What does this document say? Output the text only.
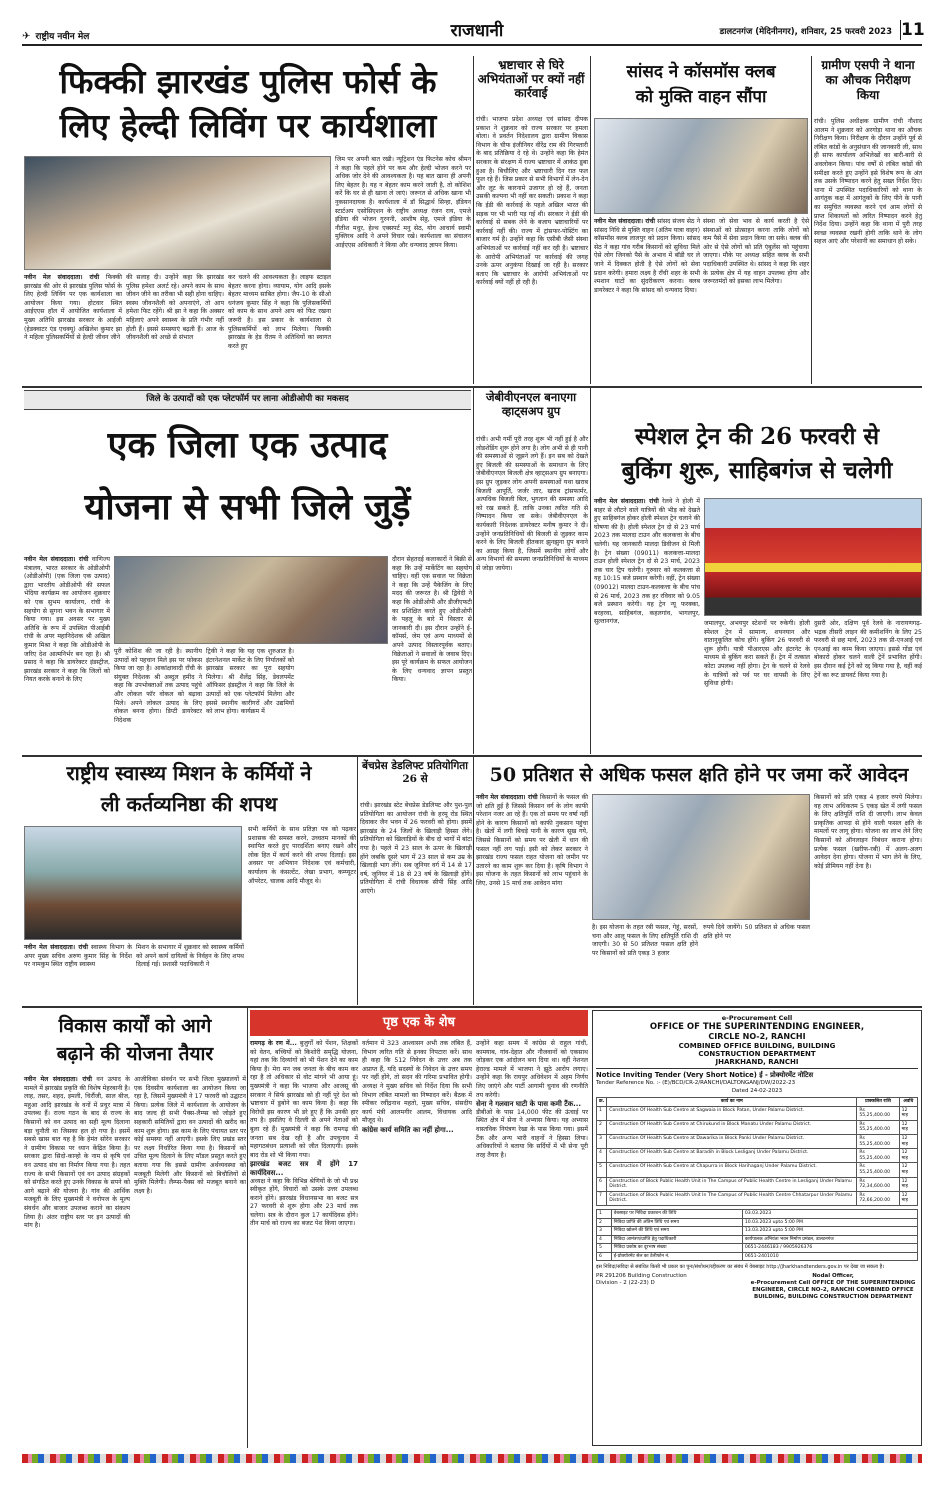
✈ राष्ट्रीय नवीन मेल	राजधानी	डालटनगंज (मेदिनीनगर), शनिवार, 25 फरवरी 2023 11
फिक्की झारखंड पुलिस फोर्स के
लिए हेल्दी लिविंग पर कार्यशाला
जिम पर अपनी बात रखी। न्यूट्रिशन एंड फिटनेस कोच श्रीमन ने कहा कि पहले होने पर कम और हेल्दी भोजन करने पर अधिक जोर देने की आवश्यकता है। यह बात खाना ही अपनी लिए बेहतर है। यह न बेहतर काम करने जाती है, तो कोशिश करें कि घर से ही खाना ले जाएं। जरूरत से अधिक खाना भी नुकसानदायक है। कार्यशाला में डॉ सिद्धार्थ सिन्हा, इंडियन स्टार्टअप एसोसिएशन के राष्ट्रीय अध्यक्ष रंजन राय, एमजे इंडिया की भोजन गुरननी, आशीष सेठ्ठ, एमजे इंडिया के नीतीश मधुर, हेल्थ एक्सपर्ट मनु सेठ, योग आचार्य स्वामी मुक्तिरथ आदि ने अपने विचार रखे। कार्यशाला का संचालन आईएएस अधिकारी ने किया और धन्यवाद ज्ञापन किया।
नवीन मेल संवाददाता। रांची फिक्की झारखंड की ओर से झारखंड पुलिस फोर्स के लिए हेल्दी लिविंग पर एक कार्यशाला का आयोजन किया गया। होटवार स्थित आईएएस हॉल में आयोजित कार्यशाला में मुख्य अतिथि झारखंड सरकार के आईजी (हेडक्वाटर एंड एचक्यू) अखिलेश कुमार झा ने महिला पुलिसकर्मियों से हेल्दी जीवन जीने
की सलाह दी। उन्होंने कहा कि झारखंड पुलिस हमेशा अलर्ट रहे। अपने काम के साथ जीवन जीने का तरीका भी सही होना चाहिए। स्वस्थ जीवनशैली को अपनाएंगे, तो आप हमेशा फिट रहेंगे। श्री झा ने कहा कि अक्सर महिलाएं अपने स्वास्थ्य के प्रति गंभीर नहीं होती हैं। इससे समस्याएं बढ़ती हैं। आज के जीवनशैली को अच्छे से संभाल
कर चलने की आवश्यकता है। लाइफ स्टाइल बेहतर करना होगा। व्यायाम, योग आदि इसके बेहतर माध्यम साबित होगा। जैप-10 के सीओ धनंजय कुमार सिंह ने कहा कि पुलिसकर्मियों को काम के साथ अपने आप को फिट रखना जरूरी है। इस प्रकार के कार्यशाला से पुलिसकर्मियों को लाभ मिलेगा। फिक्की झारखंड के हेड रीतम ने अतिथियों का स्वागत करते हुए
भ्रष्टाचार से घिरे अभियंताओं पर क्यों नहीं कार्रवाई
रांची। भाजपा प्रदेश अध्यक्ष एवं सांसद दीपक प्रकाश ने शुक्रवार को राज्य सरकार पर हमला बोला। वे प्रवर्तन निदेशालय द्वारा ग्रामीण विकास विभाग के चीफ इंजीनियर वीरेंद्र राम की गिरफ्तारी के बाद प्रतिक्रिया दे रहे थे। उन्होंने कहा कि हेमंत सरकार के संरक्षण में राज्य भ्रष्टाचार में आकंठ डूबा हुआ है। बिचौलिए और भ्रष्टाचारी दिन रात फल फूल रहे हैं। जिस प्रकार से सभी विभागों में लेन-देन और लूट के कारनामे उजागर हो रहे हैं, जनता उसकी कल्पना भी नहीं कर सकती। प्रकाश ने कहा कि ईडी की कार्रवाई के पहले अखिल भारत की सड़क पर भी भारी पड़ गई थी। सरकार ने ईडी की कार्रवाई से सबक लेने के बजाय भ्रष्टाचारियों पर कार्रवाई नहीं की। राज्य में ट्रांसफर-पोस्टिंग का बाजार गर्म है। उन्होंने कहा कि एसीबी जैसी संस्था अभियंताओं पर कार्रवाई नहीं कर रही है। भ्रष्टाचार के आरोपी अभियंताओं पर कार्रवाई की जगह उनके ऊपर अनुकंपा दिखाई जा रही है। सरकार बताए कि भ्रष्टाचार के आरोपी अभियंताओं पर कार्रवाई क्यों नहीं हो रही है।
सांसद ने कॉसमॉस क्लब
को मुक्ति वाहन सौंपा
नवीन मेल संवाददाता। रांची सांसद संजय सेठ ने सांसद निधि से मुक्ति वाहन (अंतिम यात्रा वाहन) कॉसमॉस क्लब लालपुर को प्रदान किया। सांसद सेठ ने कहा गांव गरीब किसानों को सुविधा मिले ऐसे लोग जिनको पैसे के अभाव में बॉडी घर ले जाने में दिक्कत होती है ऐसे लोगों को सेवा प्रदान करेगी। हमारा लक्ष्य है राँची शहर के सभी श्मशान घाटों का सुंदरीकरण करना। क्लब डायरेक्टर ने कहा कि सांसद को धन्यवाद दिया।
संस्था जो सेवा भाव से कार्य करती है ऐसे संस्थाओं को प्रोत्साहन करना ताकि लोगों को कम पैसे में सेवा प्रदान किया जा सके। क्लब की ओर से ऐसे लोगों को प्रति एंबुलेंस को पहुंचाया जाएगा। मौके पर अध्यक्ष सहित क्लब के सभी पदाधिकारी उपस्थित थे। सांसद ने कहा कि शहर के प्रत्येक क्षेत्र में यह वाहन उपलब्ध होगा और जरूरतमंदों को इसका लाभ मिलेगा।
ग्रामीण एसपी ने थाना का औचक निरीक्षण किया
रांची। पुलिस अधीक्षक ग्रामीण रांची नौशाद आलम ने शुक्रवार को अरगोड़ा थाना का औचक निरीक्षण किया। निरीक्षण के दौरान उन्होंने पूर्व से लंबित कांडों के अनुसंधान की जानकारी ली, साथ ही साफ कार्यालय अभिलेखों का बारी-बारी से अवलोकन किया। पांच वर्षों से लंबित कांडों की समीक्षा करते हुए उन्होंने इसे विशेष रूप के अंत तक उसके निष्पादन करने हेतु सख्त निर्देश दिए। थाना में उपस्थित पदाधिकारियों को थाना के आगंतुक कक्ष में आगंतुकों के लिए पीने के पानी का समुचित व्यवस्था करने एवं आम लोगों से प्राप्त शिकायतों को त्वरित निष्पादन करने हेतु निर्देश दिया। उन्होंने कहा कि थाना में पुरी तरह स्वच्छ व्यवस्था रखनी होगी ताकि थाने के लोग सहज आएं और परेशानी का समाधान हो सके।
जिले के उत्पादों को एक प्लेटफॉर्म पर लाना ओडीओपी का मकसद
एक जिला एक उत्पाद
योजना से सभी जिले जुड़ें
नवीन मेल संवाददाता। रांची वाणिज्य मंत्रालय, भारत सरकार के ओडीओपी (ओडीओपी) (एक जिला एक उत्पाद) द्वारा भारतीय ओडीओपी की सफल भेदिया कार्यक्रम का आयोजन शुक्रवार को एक सुभम कार्यालय, रांची के सहयोग से सुगना भवन के सभागार में किया गया। इस अवसर पर मुख्य अतिथि के रूप में उपस्थित पीआईबी रांची के अपर महानिदेशक श्री अखिल कुमार मिश्रा ने कहा कि ओडीओपी के जरिए देश आत्मनिर्भर बन रहा है। श्री प्रसाद ने कहा कि डायरेक्टर इंडस्ट्रीज, झारखंड सरकार ने कहा कि जिलों को नियत करके बनाने के लिए
पूरी कोशिश की जा रही है। स्थानीय उत्पादों को पहचान मिले इस पर फोकस किया जा रहा है। आकांक्षावादी राँची के संयुक्त निदेशक श्री अब्दुल हमीद ने कहा कि उपभोक्ताओं तक उत्पाद पहुंचे और लोकल फॉर वोकल को बढ़ावा मिले। अपने लोकल उत्पाद के लिए वोकल बनना होगा। डिप्टी डायरेक्टर निदेशक
ट्रिकी ने कहा कि यह एक शुरुआत है। इंटरनेशनल मार्केट के लिए निर्यातकों को झारखंड सरकार का पूरा सहयोग मिलेगा। श्री शैलेंद्र सिंह, डेवलपमेंट ऑफिसर इंडस्ट्रीज ने कहा कि जिले के उत्पादों को एक प्लेटफॉर्म मिलेगा और इससे स्थानीय कारीगरों और उद्यमियों को लाभ होगा। कार्यक्रम में
दौरान सेहतदई कलाकारों ने बिक्री से कहा कि उन्हें मार्केटिंग का सहयोग चाहिए। वहीं एक सवाल पर विक्रेता ने कहा कि उन्हें पैकेजिंग के लिए मदद की जरूरत है। श्री द्विवेदी ने कहा कि ओडीओपी और डीजीएफटी का प्रशिक्षित करते हुए ओडीओपी के पहलू के बारे में विस्तार से जानकारी दी। इस दौरान उन्होंने ई-कॉमर्स, जेम एवं अन्य माध्यमों से अपने उत्पाद विस्तारपूर्वक बताए। विक्रेताओं ने सवालों के जवाब दिए। इस पूरे कार्यक्रम के सफल आयोजन के लिए धन्यवाद ज्ञापन प्रस्तुत किया।
जेबीवीएनएल बनाएगा व्हाट्सअप ग्रुप
रांची। अभी गर्मी पूरी तरह शुरू भी नहीं हुई है और लोडशेडिंग शुरू होने लगा है। लोग अभी से ही पानी की समस्याओं से जूझने लगे हैं। इन सब को देखते हुए बिजली की समस्याओं के समाधान के लिए जेबीवीएनएल बिजली क्षेत्र व्हाट्सअप ग्रुप बनाएगा। इस ग्रुप जुड़कर लोग अपनी समस्याओं यथा खराब बिजली आपूर्ति, जर्जर तार, खराब ट्रांसफार्मर, अत्यधिक बिजली बिल, भुगतान की समस्या आदि को रख सकते हैं, ताकि उनका त्वरित गति से निष्पादन किया जा सके। जेबीवीएनएल के कार्यकारी निदेशक डायरेक्टर मनीष कुमार ने दी। उन्होंने जनप्रतिनिधियों की बिजली से जुड़कर काम करने के लिए बिजली हीतकार झुनझुना ग्रुप बनाने का आग्रह किया है, जिसमें स्थानीय लोगों और अन्य विभागों की समस्या जनप्रतिनिधियों के माध्यम से जोड़ा जायेगा।
स्पेशल ट्रेन की 26 फरवरी से
बुकिंग शुरू, साहिबगंज से चलेगी
नवीन मेल संवाददाता। रांची रेलवे ने होली में बाहर से लौटने वाले यात्रियों की भीड़ को देखते हुए साहिबगंज होकर होली स्पेशल ट्रेन चलाने की घोषणा की है। होली स्पेशल ट्रेन दो से 23 मार्च 2023 तक मालदा टाउन और कलकत्ता के बीच चलेगी। यह जानकारी मालदा डिवीजन से मिली है। ट्रेन संख्या (09011) कलकत्ता-मालदा टाउन होली स्पेशल ट्रेन दो से 23 मार्च, 2023 तक चार ट्रिप चलेगी। गुरुवार को कलकत्ता से यह 10:15 बजे प्रस्थान करेगी। वहीं, ट्रेन संख्या (09012) मालदा टाउन-कलकत्ता के बीच पांच से 26 मार्च, 2023 तक हर रविवार को 9.05 बजे प्रस्थान करेगी। यह ट्रेन न्यू फरक्का, बरहरवा, साहिबगंज, कहलगांव, भागलपुर, सुल्तानगंज,	जमालपुर, अभयपुर स्टेशनों पर रुकेगी। होली स्पेशल ट्रेन में सामान्य, शयनयान और वातानुकूलित कोच होंगे। बुकिंग 26 फरवरी से शुरू होगी। यात्री पीआरएस और इंटरनेट के माध्यम से बुकिंग करा सकते हैं। ट्रेन में तत्काल कोटा उपलब्ध नहीं होगा। ट्रेन के चलने से रेलवे के यात्रियों को पर्व पर घर वापसी के लिए सुविधा होगी।
दुसरी ओर, दक्षिण पूर्व रेलवे के नारायणगढ़-भद्रक तीसरी लाइन की कमीशनिंग के लिए 25 फरवरी से छह मार्च, 2023 तक प्री-एनआई एवं एनआई का काम किया जाएगा। इससे गोंडा एवं बोकारो होकर चलने वाली ट्रेनें प्रभावित होंगी। इस दौरान कई ट्रेनें को रद्द किया गया है, वहीं कई ट्रेनें का रूट डायवर्ट किया गया है।
राष्ट्रीय स्वास्थ्य मिशन के कर्मियों ने
ली कर्तव्यनिष्ठा की शपथ
नवीन मेल संवाददाता। रांची स्वास्थ्य विभाग के अपर मुख्य सचिव अरुण कुमार सिंह के निर्देश पर नामकुम स्थित राष्ट्रीय स्वास्थ्य
मिशन के सभागार में शुक्रवार को स्वास्थ्य कर्मियों को अपने कार्य दायित्वों के निर्वहन के लिए शपथ दिलाई गई। प्रशासी पदाधिकारी ने
सभी कर्मियों के साथ प्रतिज्ञा पत्र को पढ़कर प्रशासक की समस्त करने, उच्चतम मानकों की स्थापित करते हुए पारदर्शिता बनाए रखने और लोक हित में कार्य करने की शपथ दिलाई। इस अवसर पर अभियान निदेशक एवं कर्मचारी, कार्यालय के कंसल्टेंट, लेखा प्रभाग, कम्प्यूटर ऑपरेटर, चालक आदि मौजूद थे।
बेंचप्रेस डेडलिफ्ट प्रतियोगिता 26 से
रांची। झारखंड स्टेट बेंचप्रेस डेडलिफ्ट और पुश-पुल प्रतियोगिता का आयोजन रांची के हरमू रोड स्थित दिवाकर जैन भवन में 26 फरवरी को होगा। इसमें झारखंड के 24 जिलों के खिलाड़ी हिस्सा लेंगे। प्रतियोगिता को खिलाड़ियों के बीच दो भागों में बांटा गया है। पहले में 23 साल के ऊपर के खिलाड़ी होंगे जबकि दूसरे भाग में 23 साल से कम उम्र के खिलाड़ी भाग लेंगे। सब जूनियर वर्ग में 14 से 17 वर्ष, जूनियर में 18 से 23 वर्ष के खिलाड़ी होंगे। प्रतियोगिता में रांची विधायक सीपी सिंह आदि आएंगे।
50 प्रतिशत से अधिक फसल क्षति होने पर जमा करें आवेदन
नवीन मेल संवाददाता। रांची किसानों के फसल की जो क्षति हुई है जिससे किसान वर्ग के लोग काफी परेशान नजर आ रहे हैं। एक तो समय पर वर्षा नहीं होने के कारण किसानों को काफी नुकसान पहुंचा है। खेतों में लगी बिचड़े पानी के कारण सूख गये, जिससे किसानों को समय पर खेती में धान की फसल नहीं लग पाई। इसी को लेकर सरकार ने झारखंड राज्य फसल राहत योजना को जमीन पर उतारने का काम शुरू कर दिया है। कृषि विभाग ने इस योजना के तहत किसानों को लाभ पहुंचाने के लिए, उनसे 15 मार्च तक आवेदन मांगा
है। इस योजना के तहत रबी फसल, गेहूं, सरसों, चना और आलू फसल के लिए क्षतिपूर्ति राशि दी जाएगी। 30 से 50 प्रतिशत फसल क्षति होने पर किसानों को प्रति एकड़ 3 हजार
रुपये दिये जायेंगे। 50 प्रतिशत से अधिक फसल क्षति होने पर
किसानों को प्रति एकड़ 4 हजार रुपये मिलेगा। वह लाभ अधिकतम 5 एकड़ खेत में लगी फसल के लिए क्षतिपूर्ति राशि दी जाएगी। लाभ केवल प्राकृतिक आपदा से होने वाली फसल क्षति के मामलों पर लागू होगा। योजना का लाभ लेने लिए किसानों को ऑनलाइन निबंधन कराना होगा। प्रत्येक फसल (खरीफ-रबी) में अलग-अलग आवेदन देना होगा। योजना में भाग लेने के लिए, कोई प्रीमियम नहीं देना है।
विकास कार्यों को आगे
बढ़ाने की योजना तैयार
नवीन मेल संवाददाता। रांची वन उत्पाद के मामले में झारखंड प्रकृति की विशेष मेहरबानी है। लाह, तसर, शहद, इमली, चिरौंजी, साल बीज, महुआ आदि झारखंड के वनों में प्रचुर मात्रा में उपलब्ध हैं। राज्य गठन के बाद से राज्य के किसानों को वन उत्पाद का सही मूल्य दिलाना बड़ा चुनौती था जिसका हल हो गया है। इसमें सबसे खास बात यह है कि हेमंत सोरेन सरकार ने ग्रामीण विकास पर ध्यान केंद्रित किया है। सरकार द्वारा सिदो-कान्हो के नाम से कृषि एवं वन उत्पाद संघ का निर्माण किया गया है। तहत राज्य के सभी किसानों एवं वन उत्पाद संग्रहकों को संगठित करते हुए उनके विकास के सपने को आगे बढ़ाने की योजना है। गांव की आर्थिक मजबूती के लिए मुख्यमंत्री ने वनोपज के मूल्य संवर्धन और बाजार उपलब्ध कराने का संकल्प लिया है। अंतर राष्ट्रीय स्तर पर इन उत्पादों की मांग है।
आजीविका संवर्धन पर सभी जिला मुख्यालयों में एक दिवसीय कार्यशाला का आयोजन किया जा रहा है, जिसमें मुख्यमंत्री ने 17 फरवरी को उद्घाटन किया। प्रत्येक जिले में कार्यशाला के आयोजन के बाद जल्द ही सभी पैक्स-लैम्प्स को जोड़ते हुए सहकारी समितियों द्वारा वन उत्पादों की खरीद का काम शुरू होगा। इस काम के लिए पंचायत स्तर पर कोई समस्या नहीं आएगी। इसके लिए प्रखंड स्तर पर लक्ष्य निर्धारित किया गया है। किसानों को उचित मूल्य दिलाने के लिए मॉडल प्रस्तुत करते हुए बताया गया कि इससे ग्रामीण अर्थव्यवस्था को मजबूती मिलेगी और किसानों को बिचौलियों से मुक्ति मिलेगी। लैम्प्स-पैक्स को मजबूत बनाने का लक्ष्य है।
पृष्ठ एक के शेष
रामगढ़ के रण में... बुजुर्गों को पेंशन, शिक्षकों को वेतन, बच्चियों को किशोरी समृद्धि योजना, यहां तक कि दिव्यांगों को भी पेंशन देने का काम किया है। मेरा मन जब जनता के बीच काम कर रहा है तो अधिकार से वोट मांगने भी आया हूं। मुख्यमंत्री ने कहा कि भाजपा और आजसू की सरकार ने सिर्फ झारखंड को ही नहीं पूरे देश को भ्रष्टाचार में डुबोने का काम किया है। कहा कि विरोधी इस कारण भी डरे हुए हैं कि उनकी हार तय है। इसलिए वे दिल्ली से अपने नेताओं को बुला रहे हैं। मुख्यमंत्री ने कहा कि रामगढ़ की जनता सब देख रही है और उपचुनाव में महागठबंधन प्रत्याशी को जीत दिलाएगी। इसके बाद रोड शो भी किया गया।
झारखंड बजट सत्र में होंगे 17 कार्यदिवस...
अध्यक्ष ने कहा कि विभिन्न श्रेणियों के जो भी प्रश्न स्वीकृत होंगे, विचारों को उसके उत्तर उपलब्ध कराने होंगे। झारखंड विधानसभा का बजट सत्र 27 फरवरी से शुरू होगा और 23 मार्च तक चलेगा। सत्र के दौरान कुल 17 कार्यदिवस होंगे। तीन मार्च को राज्य का बजट पेश किया जाएगा।
वर्तमान में 323 आश्वासन अभी तक लंबित हैं, विभाग त्वरित गति से इनका निपटारा करें। साथ ही कहा कि 512 निवेदन के उत्तर अब तक अप्राप्त हैं, यदि सदस्यों के निवेदन के उत्तर समय पर नहीं होंगे, तो सदन की गरिमा प्रभावित होगी। अध्यक्ष ने मुख्य सचिव को निर्देश दिया कि सभी विभाग लंबित मामलों का निष्पादन करें। बैठक में स्पीकर रवींद्रनाथ महतो, मुख्य सचिव, संसदीय कार्य मंत्री आलमगीर आलम, विधायक आदि मौजूद थे।
कांग्रेस कार्य समिति का नहीं होगा...
उन्होंने कहा समय में कांग्रेस से राहुल गांधी, कामयाब, गांव-देहात और नौजवानों को एकसाथ जोड़कर एक आंदोलन बना दिया था। वहीं नेशनल हेराल्ड मामले में भाजपा ने झूठे आरोप लगाए। उन्होंने कहा कि रायपुर अधिवेशन में अहम निर्णय लिए जाएंगे और पार्टी आगामी चुनाव की रणनीति तय करेगी।
सेना ने गलवान घाटी के पास कमी टैंक...
डीबीओ के पास 14,000 फीट की ऊंचाई पर स्थित क्षेत्र में सेना ने अभ्यास किया। यह अभ्यास वास्तविक नियंत्रण रेखा के पास किया गया। इसमें टैंक और अन्य भारी वाहनों ने हिस्सा लिया। अधिकारियों ने बताया कि सर्दियों में भी सेना पूरी तरह तैयार है।
e-Procurement Cell
OFFICE OF THE SUPERINTENDING ENGINEER,
CIRCLE NO-2, RANCHI
COMBINED OFFICE BUILDING, BUILDING
CONSTRUCTION DEPARTMENT
JHARKHAND, RANCHI
Notice Inviting Tender (Very Short Notice) ई - प्रोक्योरमेंट नोटिस
Tender Reference No. :- (E)/BCD/CR-2/RANCHI/DALTONGANJ/DW/2022-23
Dated 24-02-2023
क्र.	कार्य का नाम	प्राक्कलित राशि	अवधि
1	Construction Of Health Sub Centre at Sagwaia in Block Patan, Under Palamu District.	Rs 55,25,400.00	12 माह
2	Construction Of Health Sub Centre at Chirukund in Block Manatu Under Palamu District.	Rs 55,25,400.00	12 माह
3	Construction Of Health Sub Centre at Dawarika in Block Panki Under Palamu District.	Rs 55,25,400.00	12 माह
4	Construction Of Health Sub Centre at Baradih in Block Lesliganj Under Palamu District.	Rs 55,25,400.00	12 माह
5	Construction Of Health Sub Centre at Chapurra in Block Harihaganj Under Palamu District.	Rs 55,25,400.00	12 माह
6	Construction of Block Public Health Unit in The Campus of Public Health Centre in Lesliganj Under Palamu District.	Rs 72,34,600.00	12 माह
7	Construction of Block Public Health Unit In The Campus of Public Health Centre Chhatarpur Under Palamu District.	Rs 72,66,200.00	12 माह
1	वेबसाइट पर निविदा प्रकाशन की तिथि	03.03.2023
2	निविदा प्राप्ति की अंतिम तिथि एवं समय	10.03.2023 upto 5:00 PM
3	निविदा खोलने की तिथि एवं समय	13.03.2023 upto 5:00 PM
4	निविदा आमंत्रण/प्राप्ति हेतु पदाधिकारी	कार्यपालक अभियंता भवन निर्माण प्रमंडल, डालटनगंज
5	निविदा प्रकोष्ठ का दूरभाष संख्या	0651-2446183 / 9905926376
6	ई-प्रोक्योरमेंट सेल का टेलीफोन नं.	0651-2401010
इस निविदा/संविदा से संबंधित किसी भी प्रकार का पुनः/संशोधन/रद्दीकरण का संबंध में वेबसाइट http://jharkhandtenders.gov.in पर देखा जा सकता है।
PR 291206 Building Construction Division - 2 (22-23) D
Nodal Officer,
e-Procurement Cell OFFICE OF THE SUPERINTENDING ENGINEER, CIRCLE NO-2, RANCHI COMBINED OFFICE BUILDING, BUILDING CONSTRUCTION DEPARTMENT
